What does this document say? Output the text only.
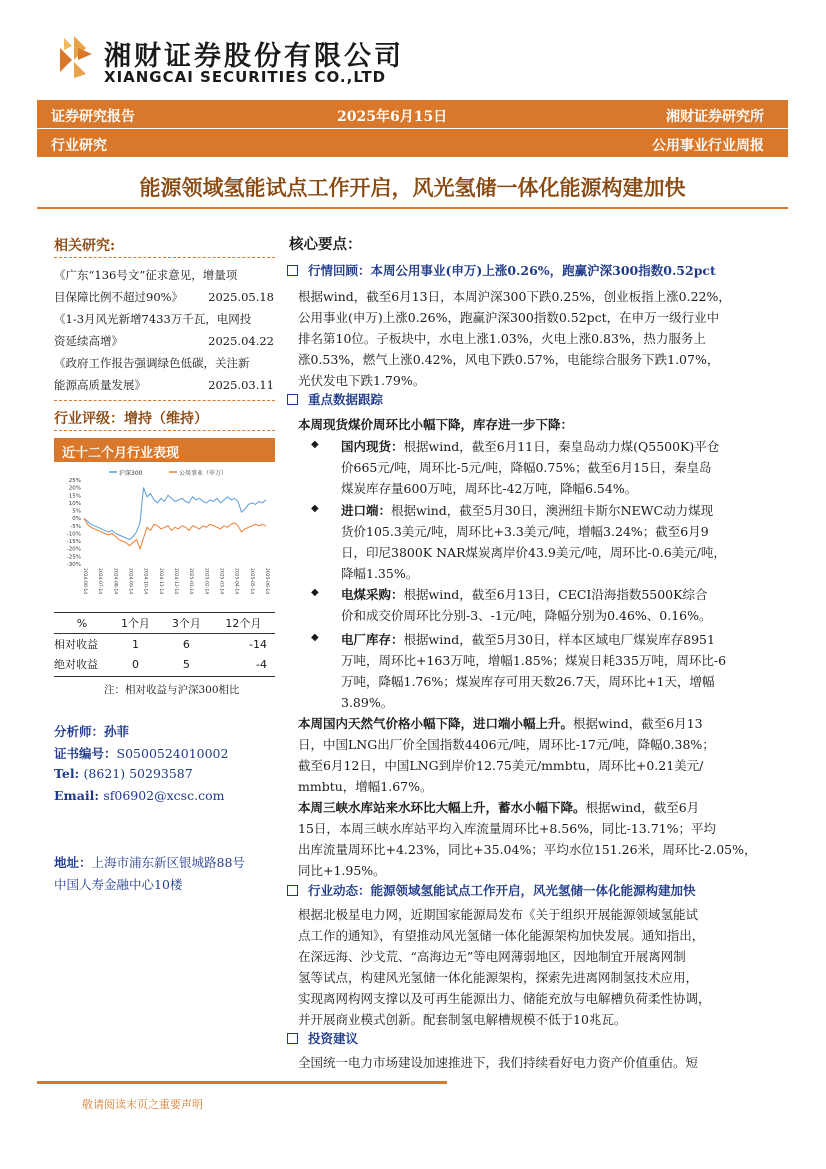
湘财证券股份有限公司
XIANGCAI SECURITIES CO.,LTD
证券研究报告	2025年6月15日	湘财证券研究所
行业研究	公用事业行业周报
能源领域氢能试点工作开启，风光氢储一体化能源构建加快
相关研究:
《广东“136号文”征求意见，增量项
目保障比例不超过90%》 2025.05.18
《1-3月风光新增7433万千瓦，电网投
资延续高增》	2025.04.22
《政府工作报告强调绿色低碳，关注新
能源高质量发展》	2025.03.11
行业评级：增持（维持）
近十二个月行业表现
沪深300	公用事业（申万）
25%
20%
15%
10%
5%
0%
-5%
-10%
-15%
-20%
-25%
-30%
2024-06-14 2024-07-14 2024-08-14 2024-09-14 2024-10-14 2024-11-14 2024-12-14 2025-01-14 2025-02-14 2025-03-14 2025-04-14 2025-05-14 2025-06-14
%	1个月	3个月	12个月
相对收益	1	6	-14
绝对收益	0	5	-4
注：相对收益与沪深300相比
分析师：孙菲
证书编号：S0500524010002
Tel: (8621) 50293587
Email: sf06902@xcsc.com
地址：上海市浦东新区银城路88号
中国人寿金融中心10楼
核心要点：
行情回顾：本周公用事业(申万)上涨0.26%，跑赢沪深300指数0.52pct
根据wind，截至6月13日，本周沪深300下跌0.25%，创业板指上涨0.22%，
公用事业(申万)上涨0.26%，跑赢沪深300指数0.52pct，在申万一级行业中
排名第10位。子板块中，水电上涨1.03%，火电上涨0.83%，热力服务上
涨0.53%，燃气上涨0.42%，风电下跌0.57%，电能综合服务下跌1.07%，
光伏发电下跌1.79%。
重点数据跟踪
本周现货煤价周环比小幅下降，库存进一步下降：
◆ 国内现货：根据wind，截至6月11日，秦皇岛动力煤(Q5500K)平仓
价665元/吨，周环比-5元/吨，降幅0.75%；截至6月15日，秦皇岛
煤炭库存量600万吨，周环比-42万吨，降幅6.54%。
◆ 进口端：根据wind，截至5月30日，澳洲纽卡斯尔NEWC动力煤现
货价105.3美元/吨，周环比+3.3美元/吨，增幅3.24%；截至6月9
日，印尼3800K NAR煤炭离岸价43.9美元/吨，周环比-0.6美元/吨，
降幅1.35%。
◆ 电煤采购：根据wind，截至6月13日，CECI沿海指数5500K综合
价和成交价周环比分别-3、-1元/吨，降幅分别为0.46%、0.16%。
◆ 电厂库存：根据wind，截至5月30日，样本区域电厂煤炭库存8951
万吨，周环比+163万吨，增幅1.85%；煤炭日耗335万吨，周环比-6
万吨，降幅1.76%；煤炭库存可用天数26.7天，周环比+1天，增幅
3.89%。
本周国内天然气价格小幅下降，进口端小幅上升。根据wind，截至6月13
日，中国LNG出厂价全国指数4406元/吨，周环比-17元/吨，降幅0.38%；
截至6月12日，中国LNG到岸价12.75美元/mmbtu，周环比+0.21美元/
mmbtu，增幅1.67%。
本周三峡水库站来水环比大幅上升，蓄水小幅下降。根据wind，截至6月
15日，本周三峡水库站平均入库流量周环比+8.56%，同比-13.71%；平均
出库流量周环比+4.23%，同比+35.04%；平均水位151.26米，周环比-2.05%，
同比+1.95%。
行业动态：能源领域氢能试点工作开启，风光氢储一体化能源构建加快
根据北极星电力网，近期国家能源局发布《关于组织开展能源领域氢能试
点工作的通知》，有望推动风光氢储一体化能源架构加快发展。通知指出，
在深远海、沙戈荒、“高海边无”等电网薄弱地区，因地制宜开展离网制
氢等试点，构建风光氢储一体化能源架构，探索先进离网制氢技术应用，
实现离网构网支撑以及可再生能源出力、储能充放与电解槽负荷柔性协调，
并开展商业模式创新。配套制氢电解槽规模不低于10兆瓦。
投资建议
全国统一电力市场建设加速推进下，我们持续看好电力资产价值重估。短
敬请阅读末页之重要声明
